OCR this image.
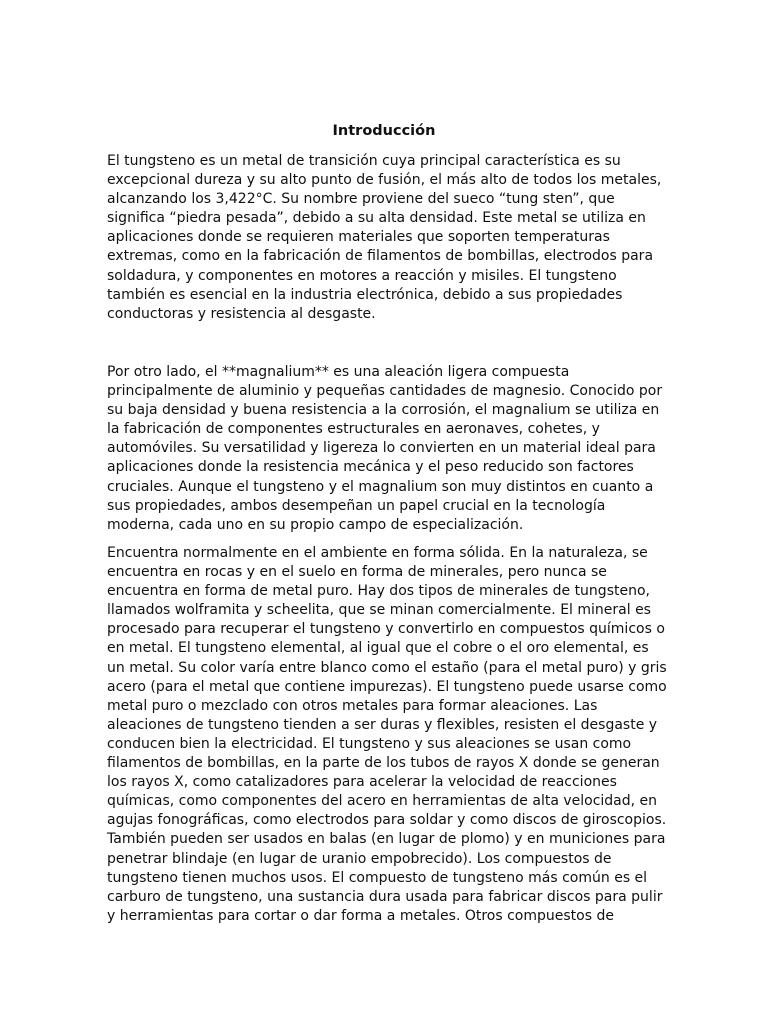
Introducción

El tungsteno es un metal de transición cuya principal característica es su
excepcional dureza y su alto punto de fusión, el más alto de todos los metales,
alcanzando los 3,422°C. Su nombre proviene del sueco “tung sten”, que
significa “piedra pesada”, debido a su alta densidad. Este metal se utiliza en
aplicaciones donde se requieren materiales que soporten temperaturas
extremas, como en la fabricación de filamentos de bombillas, electrodos para
soldadura, y componentes en motores a reacción y misiles. El tungsteno
también es esencial en la industria electrónica, debido a sus propiedades
conductoras y resistencia al desgaste.

Por otro lado, el **magnalium** es una aleación ligera compuesta
principalmente de aluminio y pequeñas cantidades de magnesio. Conocido por
su baja densidad y buena resistencia a la corrosión, el magnalium se utiliza en
la fabricación de componentes estructurales en aeronaves, cohetes, y
automóviles. Su versatilidad y ligereza lo convierten en un material ideal para
aplicaciones donde la resistencia mecánica y el peso reducido son factores
cruciales. Aunque el tungsteno y el magnalium son muy distintos en cuanto a
sus propiedades, ambos desempeñan un papel crucial en la tecnología
moderna, cada uno en su propio campo de especialización.

Encuentra normalmente en el ambiente en forma sólida. En la naturaleza, se
encuentra en rocas y en el suelo en forma de minerales, pero nunca se
encuentra en forma de metal puro. Hay dos tipos de minerales de tungsteno,
llamados wolframita y scheelita, que se minan comercialmente. El mineral es
procesado para recuperar el tungsteno y convertirlo en compuestos químicos o
en metal. El tungsteno elemental, al igual que el cobre o el oro elemental, es
un metal. Su color varía entre blanco como el estaño (para el metal puro) y gris
acero (para el metal que contiene impurezas). El tungsteno puede usarse como
metal puro o mezclado con otros metales para formar aleaciones. Las
aleaciones de tungsteno tienden a ser duras y flexibles, resisten el desgaste y
conducen bien la electricidad. El tungsteno y sus aleaciones se usan como
filamentos de bombillas, en la parte de los tubos de rayos X donde se generan
los rayos X, como catalizadores para acelerar la velocidad de reacciones
químicas, como componentes del acero en herramientas de alta velocidad, en
agujas fonográficas, como electrodos para soldar y como discos de giroscopios.
También pueden ser usados en balas (en lugar de plomo) y en municiones para
penetrar blindaje (en lugar de uranio empobrecido). Los compuestos de
tungsteno tienen muchos usos. El compuesto de tungsteno más común es el
carburo de tungsteno, una sustancia dura usada para fabricar discos para pulir
y herramientas para cortar o dar forma a metales. Otros compuestos de
